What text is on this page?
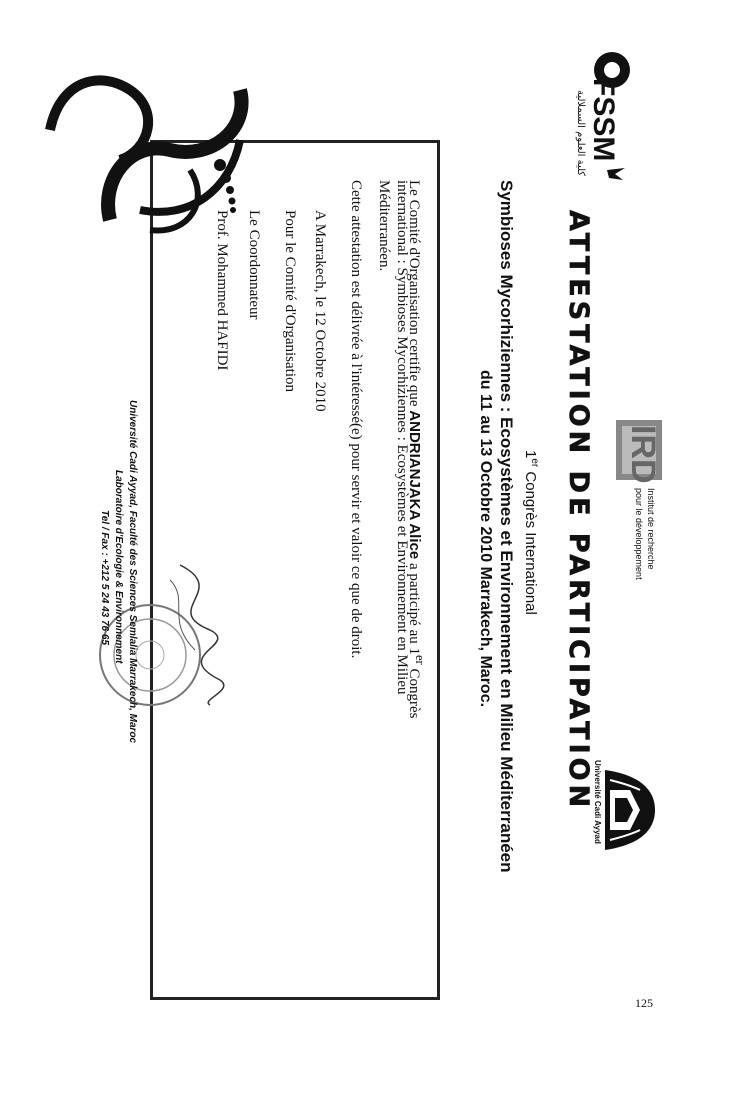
FSSM
كلية العلوم السملالية
IRD
Institut de recherche
pour le développement
Université Cadi Ayyad
ATTESTATION DE PARTICIPATION
1er Congrès International
Symbioses Mycorhiziennes : Ecosystèmes et Environnement en Milieu Méditerranéen
du 11 au 13 Octobre 2010 Marrakech, Maroc.
Le Comité d'Organisation certifie que ANDRIANJAKA Alice a participé au 1er Congrès
international : Symbioses Mycorhiziennes : Ecosystèmes et Environnement en Milieu
Méditerranéen.
Cette attestation est délivrée à l'intéressé(e) pour servir et valoir ce que de droit.
A Marrakech, le 12 Octobre 2010
Pour le Comité d'Organisation
Le Coordonnateur
Prof. Mohammed HAFIDI
Université Cadi Ayyad, Faculté des Sciences Semlalia Marrakech, Maroc
Laboratoire d'Ecologie & Environnement
Tel / Fax : +212 5 24 43 76 65
125
